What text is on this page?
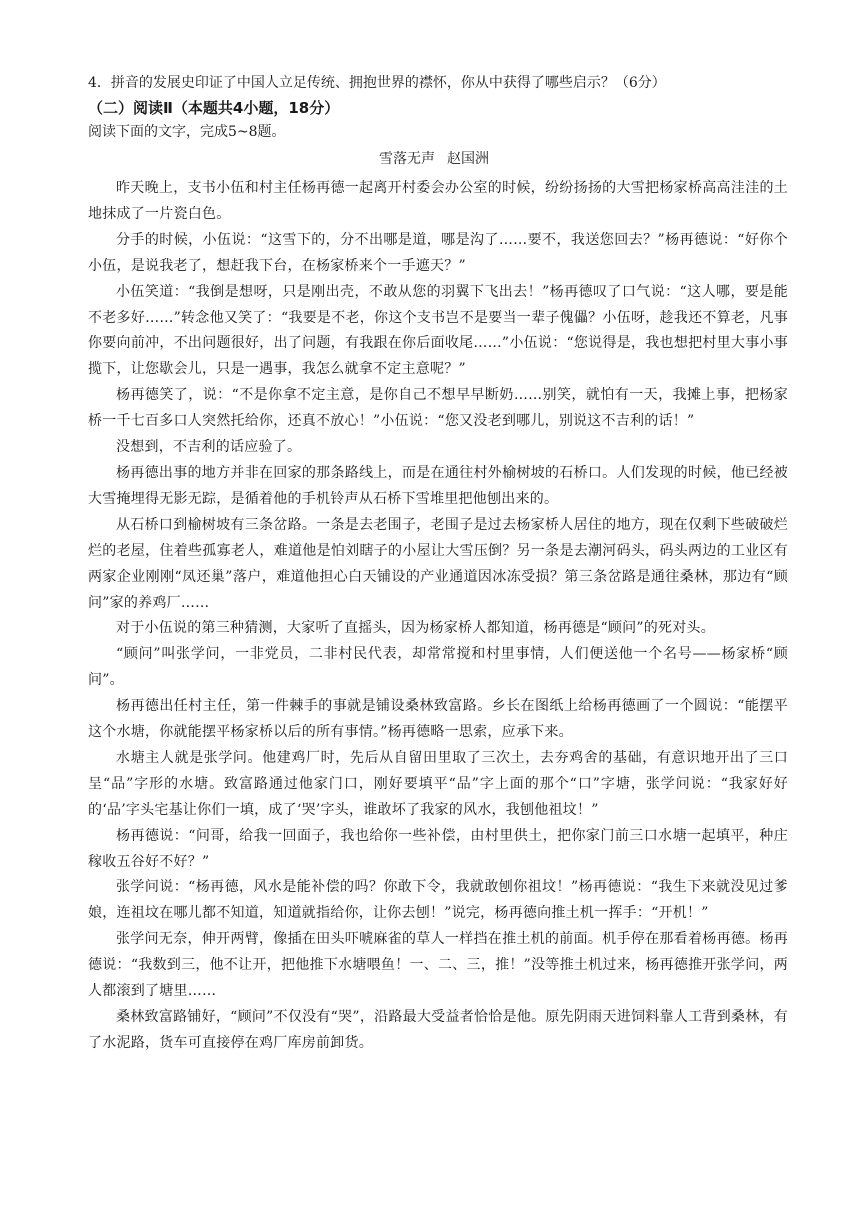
4．拼音的发展史印证了中国人立足传统、拥抱世界的襟怀，你从中获得了哪些启示？（6分）
（二）阅读Ⅱ（本题共4小题，18分）
阅读下面的文字，完成5~8题。
雪落无声 赵国洲

昨天晚上，支书小伍和村主任杨再德一起离开村委会办公室的时候，纷纷扬扬的大雪把杨家桥高高洼洼的土地抹成了一片瓷白色。

分手的时候，小伍说：“这雪下的，分不出哪是道，哪是沟了……要不，我送您回去？”杨再德说：“好你个小伍，是说我老了，想赶我下台，在杨家桥来个一手遮天？”

小伍笑道：“我倒是想呀，只是刚出壳，不敢从您的羽翼下飞出去！”杨再德叹了口气说：“这人哪，要是能不老多好……”转念他又笑了：“我要是不老，你这个支书岂不是要当一辈子傀儡？小伍呀，趁我还不算老，凡事你要向前冲，不出问题很好，出了问题，有我跟在你后面收尾……”小伍说：“您说得是，我也想把村里大事小事揽下，让您歇会儿，只是一遇事，我怎么就拿不定主意呢？”

杨再德笑了，说：“不是你拿不定主意，是你自己不想早早断奶……别笑，就怕有一天，我摊上事，把杨家桥一千七百多口人突然托给你，还真不放心！”小伍说：“您又没老到哪儿，别说这不吉利的话！”

没想到，不吉利的话应验了。

杨再德出事的地方并非在回家的那条路线上，而是在通往村外榆树坡的石桥口。人们发现的时候，他已经被大雪掩埋得无影无踪，是循着他的手机铃声从石桥下雪堆里把他刨出来的。

从石桥口到榆树坡有三条岔路。一条是去老围子，老围子是过去杨家桥人居住的地方，现在仅剩下些破破烂烂的老屋，住着些孤寡老人，难道他是怕刘瞎子的小屋让大雪压倒？另一条是去潮河码头，码头两边的工业区有两家企业刚刚“凤还巢”落户，难道他担心白天铺设的产业通道因冰冻受损？第三条岔路是通往桑林，那边有“顾问”家的养鸡厂……

对于小伍说的第三种猜测，大家听了直摇头，因为杨家桥人都知道，杨再德是“顾问”的死对头。

“顾问”叫张学问，一非党员，二非村民代表，却常常搅和村里事情，人们便送他一个名号——杨家桥“顾问”。

杨再德出任村主任，第一件棘手的事就是铺设桑林致富路。乡长在图纸上给杨再德画了一个圆说：“能摆平这个水塘，你就能摆平杨家桥以后的所有事情。”杨再德略一思索，应承下来。

水塘主人就是张学问。他建鸡厂时，先后从自留田里取了三次土，去夯鸡舍的基础，有意识地开出了三口呈“品”字形的水塘。致富路通过他家门口，刚好要填平“品”字上面的那个“口”字塘，张学问说：“我家好好的‘品’字头宅基让你们一填，成了‘哭’字头，谁敢坏了我家的风水，我刨他祖坟！”

杨再德说：“问哥，给我一回面子，我也给你一些补偿，由村里供土，把你家门前三口水塘一起填平，种庄稼收五谷好不好？”

张学问说：“杨再德，风水是能补偿的吗？你敢下令，我就敢刨你祖坟！”杨再德说：“我生下来就没见过爹娘，连祖坟在哪儿都不知道，知道就指给你，让你去刨！”说完，杨再德向推土机一挥手：“开机！”

张学问无奈，伸开两臂，像插在田头吓唬麻雀的草人一样挡在推土机的前面。机手停在那看着杨再德。杨再德说：“我数到三，他不让开，把他推下水塘喂鱼！一、二、三，推！”没等推土机过来，杨再德推开张学问，两人都滚到了塘里……

桑林致富路铺好，“顾问”不仅没有“哭”，沿路最大受益者恰恰是他。原先阴雨天进饲料靠人工背到桑林，有了水泥路，货车可直接停在鸡厂库房前卸货。
